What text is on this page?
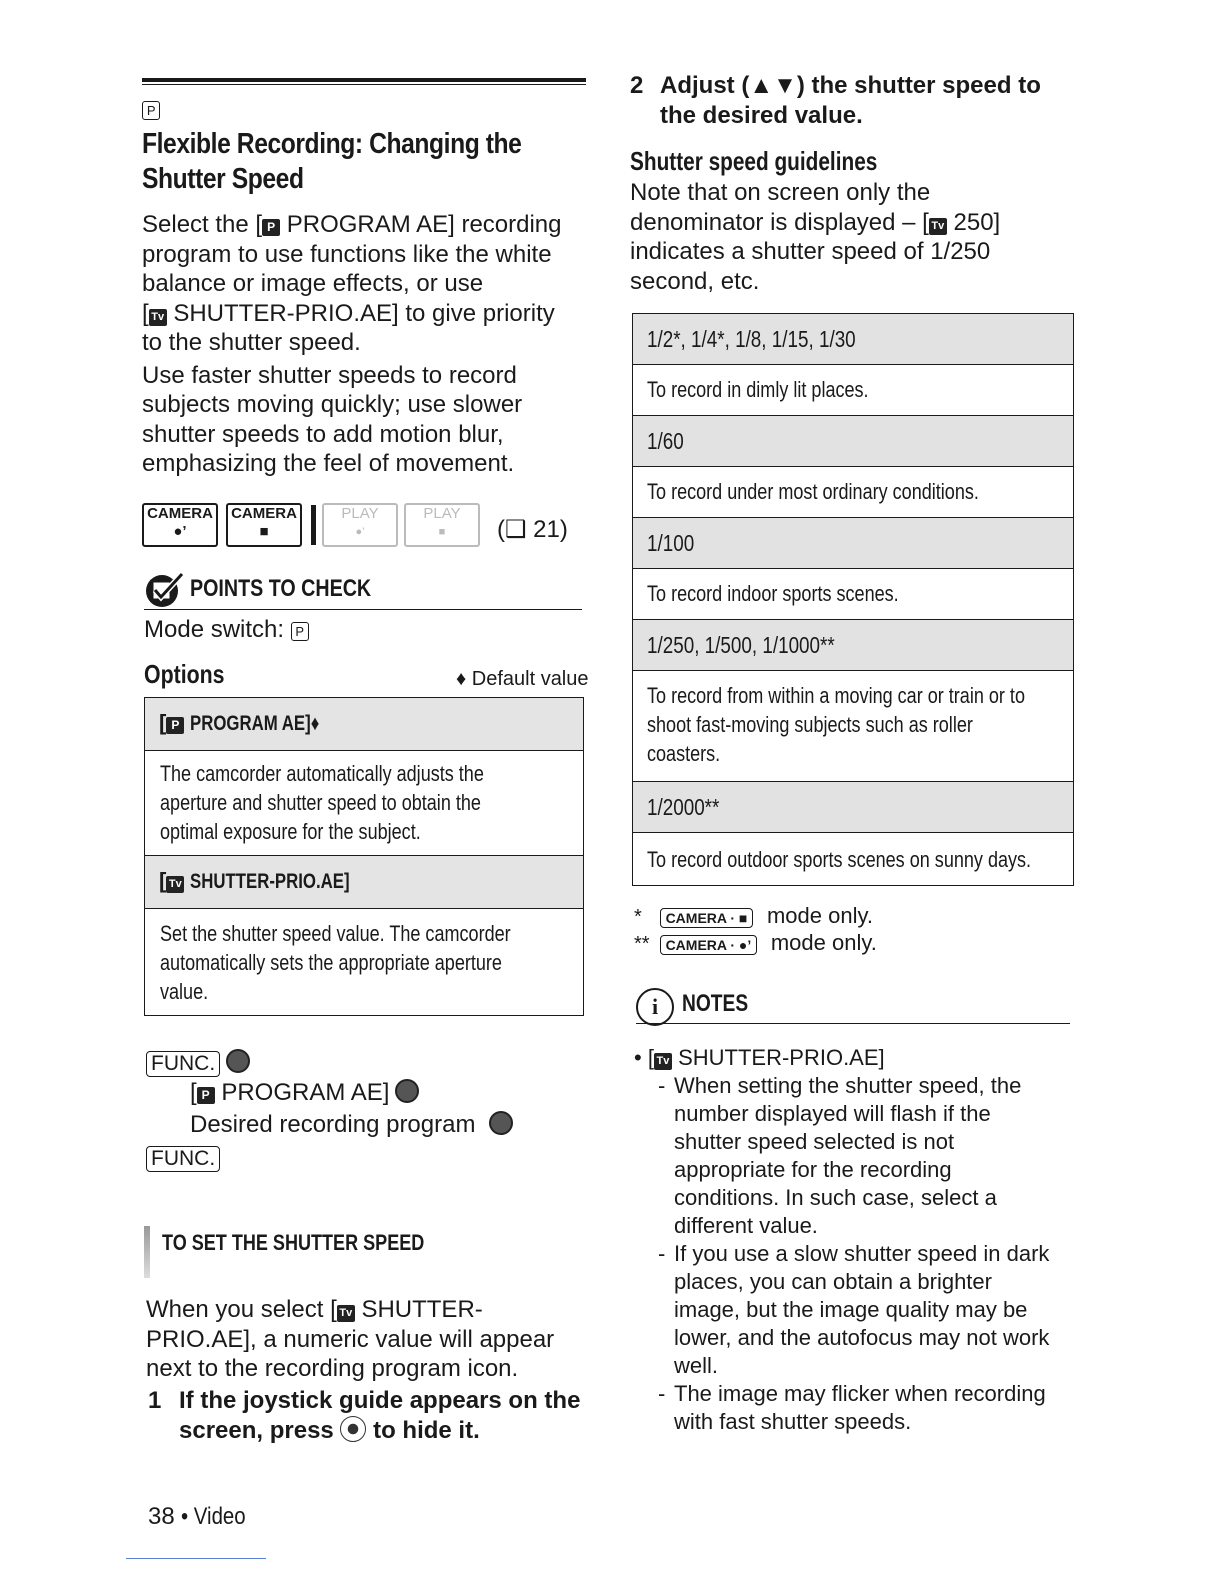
PFlexible Recording: Changing the
Shutter Speed
Select the [ P PROGRAM AE] recording
program to use functions like the white
balance or image effects, or use
[ Tv SHUTTER-PRIO.AE] to give priority
to the shutter speed.
Use faster shutter speeds to record
subjects moving quickly; use slower
shutter speeds to add motion blur,
emphasizing the feel of movement.
CAMERA
●’
CAMERA
■
PLAY
●’
PLAY
■	(❑ 21)
POINTS TO CHECK
Mode switch: P
Options	♦ Default value
[ P PROGRAM AE]♦
The camcorder automatically adjusts the
aperture and shutter speed to obtain the
optimal exposure for the subject.
[ Tv SHUTTER-PRIO.AE]
Set the shutter speed value. The camcorder
automatically sets the appropriate aperture
value.
FUNC.
[ P PROGRAM AE]
Desired recording program
FUNC.
TO SET THE SHUTTER SPEED
When you select [ Tv SHUTTER-
PRIO.AE], a numeric value will appear
next to the recording program icon.
1 If the joystick guide appears on the
screen, press  to hide it.
38 • Video
2 Adjust (▲▼) the shutter speed to
the desired value.
Shutter speed guidelines
Note that on screen only the
denominator is displayed – [ Tv 250]
indicates a shutter speed of 1/250
second, etc.
1/2*, 1/4*, 1/8, 1/15, 1/30
To record in dimly lit places.
1/60
To record under most ordinary conditions.
1/100
To record indoor sports scenes.
1/250, 1/500, 1/1000**
To record from within a moving car or train or to
shoot fast-moving subjects such as roller
coasters.
1/2000**
To record outdoor sports scenes on sunny days.
* CAMERA · ■ mode only.
** CAMERA · ●’ mode only.
i NOTES
• [ Tv SHUTTER-PRIO.AE]
- When setting the shutter speed, the
number displayed will flash if the
shutter speed selected is not
appropriate for the recording
conditions. In such case, select a
different value.
- If you use a slow shutter speed in dark
places, you can obtain a brighter
image, but the image quality may be
lower, and the autofocus may not work
well.
- The image may flicker when recording
with fast shutter speeds.
